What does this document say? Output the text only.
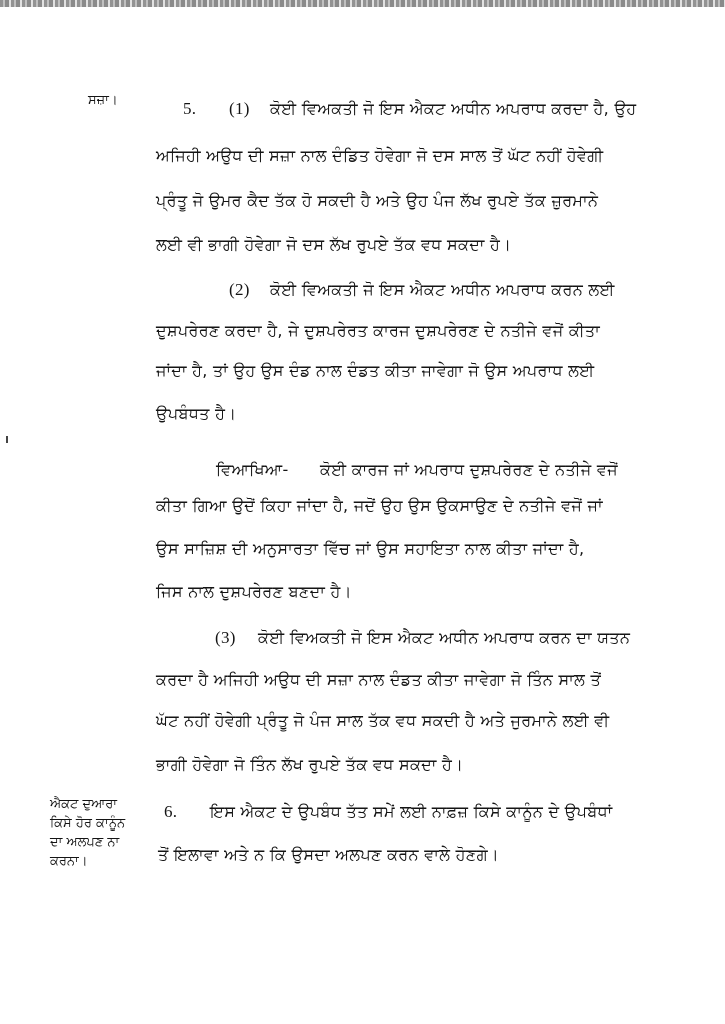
ਸਜ਼ਾ।

ਐਕਟ ਦੁਆਰਾ

ਕਿਸੇ ਹੋਰ ਕਾਨੂੰਨ

ਦਾ ਅਲਪਣ ਨਾ

ਕਰਨਾ।

5. (1) ਕੋਈ ਵਿਅਕਤੀ ਜੋ ਇਸ ਐਕਟ ਅਧੀਨ ਅਪਰਾਧ ਕਰਦਾ ਹੈ, ਉਹ
ਅਜਿਹੀ ਅਉਧ ਦੀ ਸਜ਼ਾ ਨਾਲ ਦੰਡਿਤ ਹੋਵੇਗਾ ਜੋ ਦਸ ਸਾਲ ਤੋਂ ਘੱਟ ਨਹੀਂ ਹੋਵੇਗੀ
ਪ੍ਰੰਤੂ ਜੋ ਉਮਰ ਕੈਦ ਤੱਕ ਹੋ ਸਕਦੀ ਹੈ ਅਤੇ ਉਹ ਪੰਜ ਲੱਖ ਰੁਪਏ ਤੱਕ ਜ਼ੁਰਮਾਨੇ
ਲਈ ਵੀ ਭਾਗੀ ਹੋਵੇਗਾ ਜੋ ਦਸ ਲੱਖ ਰੁਪਏ ਤੱਕ ਵਧ ਸਕਦਾ ਹੈ।
(2) ਕੋਈ ਵਿਅਕਤੀ ਜੋ ਇਸ ਐਕਟ ਅਧੀਨ ਅਪਰਾਧ ਕਰਨ ਲਈ
ਦੁਸ਼ਪਰੇਰਣ ਕਰਦਾ ਹੈ, ਜੇ ਦੁਸ਼ਪਰੇਰਤ ਕਾਰਜ ਦੁਸ਼ਪਰੇਰਣ ਦੇ ਨਤੀਜੇ ਵਜੋਂ ਕੀਤਾ
ਜਾਂਦਾ ਹੈ, ਤਾਂ ਉਹ ਉਸ ਦੰਡ ਨਾਲ ਦੰਡਤ ਕੀਤਾ ਜਾਵੇਗਾ ਜੋ ਉਸ ਅਪਰਾਧ ਲਈ
ਉਪਬੰਧਤ ਹੈ।
ਵਿਆਖਿਆ- ਕੋਈ ਕਾਰਜ ਜਾਂ ਅਪਰਾਧ ਦੁਸ਼ਪਰੇਰਣ ਦੇ ਨਤੀਜੇ ਵਜੋਂ
ਕੀਤਾ ਗਿਆ ਉਦੋਂ ਕਿਹਾ ਜਾਂਦਾ ਹੈ, ਜਦੋਂ ਉਹ ਉਸ ਉਕਸਾਉਣ ਦੇ ਨਤੀਜੇ ਵਜੋਂ ਜਾਂ
ਉਸ ਸਾਜ਼ਿਸ਼ ਦੀ ਅਨੁਸਾਰਤਾ ਵਿੱਚ ਜਾਂ ਉਸ ਸਹਾਇਤਾ ਨਾਲ ਕੀਤਾ ਜਾਂਦਾ ਹੈ,
ਜਿਸ ਨਾਲ ਦੁਸ਼ਪਰੇਰਣ ਬਣਦਾ ਹੈ।
(3) ਕੋਈ ਵਿਅਕਤੀ ਜੋ ਇਸ ਐਕਟ ਅਧੀਨ ਅਪਰਾਧ ਕਰਨ ਦਾ ਯਤਨ
ਕਰਦਾ ਹੈ ਅਜਿਹੀ ਅਉਧ ਦੀ ਸਜ਼ਾ ਨਾਲ ਦੰਡਤ ਕੀਤਾ ਜਾਵੇਗਾ ਜੋ ਤਿੰਨ ਸਾਲ ਤੋਂ
ਘੱਟ ਨਹੀਂ ਹੋਵੇਗੀ ਪ੍ਰੰਤੂ ਜੋ ਪੰਜ ਸਾਲ ਤੱਕ ਵਧ ਸਕਦੀ ਹੈ ਅਤੇ ਜੁਰਮਾਨੇ ਲਈ ਵੀ
ਭਾਗੀ ਹੋਵੇਗਾ ਜੋ ਤਿੰਨ ਲੱਖ ਰੁਪਏ ਤੱਕ ਵਧ ਸਕਦਾ ਹੈ।
6. ਇਸ ਐਕਟ ਦੇ ਉਪਬੰਧ ਤੱਤ ਸਮੇਂ ਲਈ ਨਾਫ਼ਜ਼ ਕਿਸੇ ਕਾਨੂੰਨ ਦੇ ਉਪਬੰਧਾਂ
ਤੋਂ ਇਲਾਵਾ ਅਤੇ ਨ ਕਿ ਉਸਦਾ ਅਲਪਣ ਕਰਨ ਵਾਲੇ ਹੋਣਗੇ।
